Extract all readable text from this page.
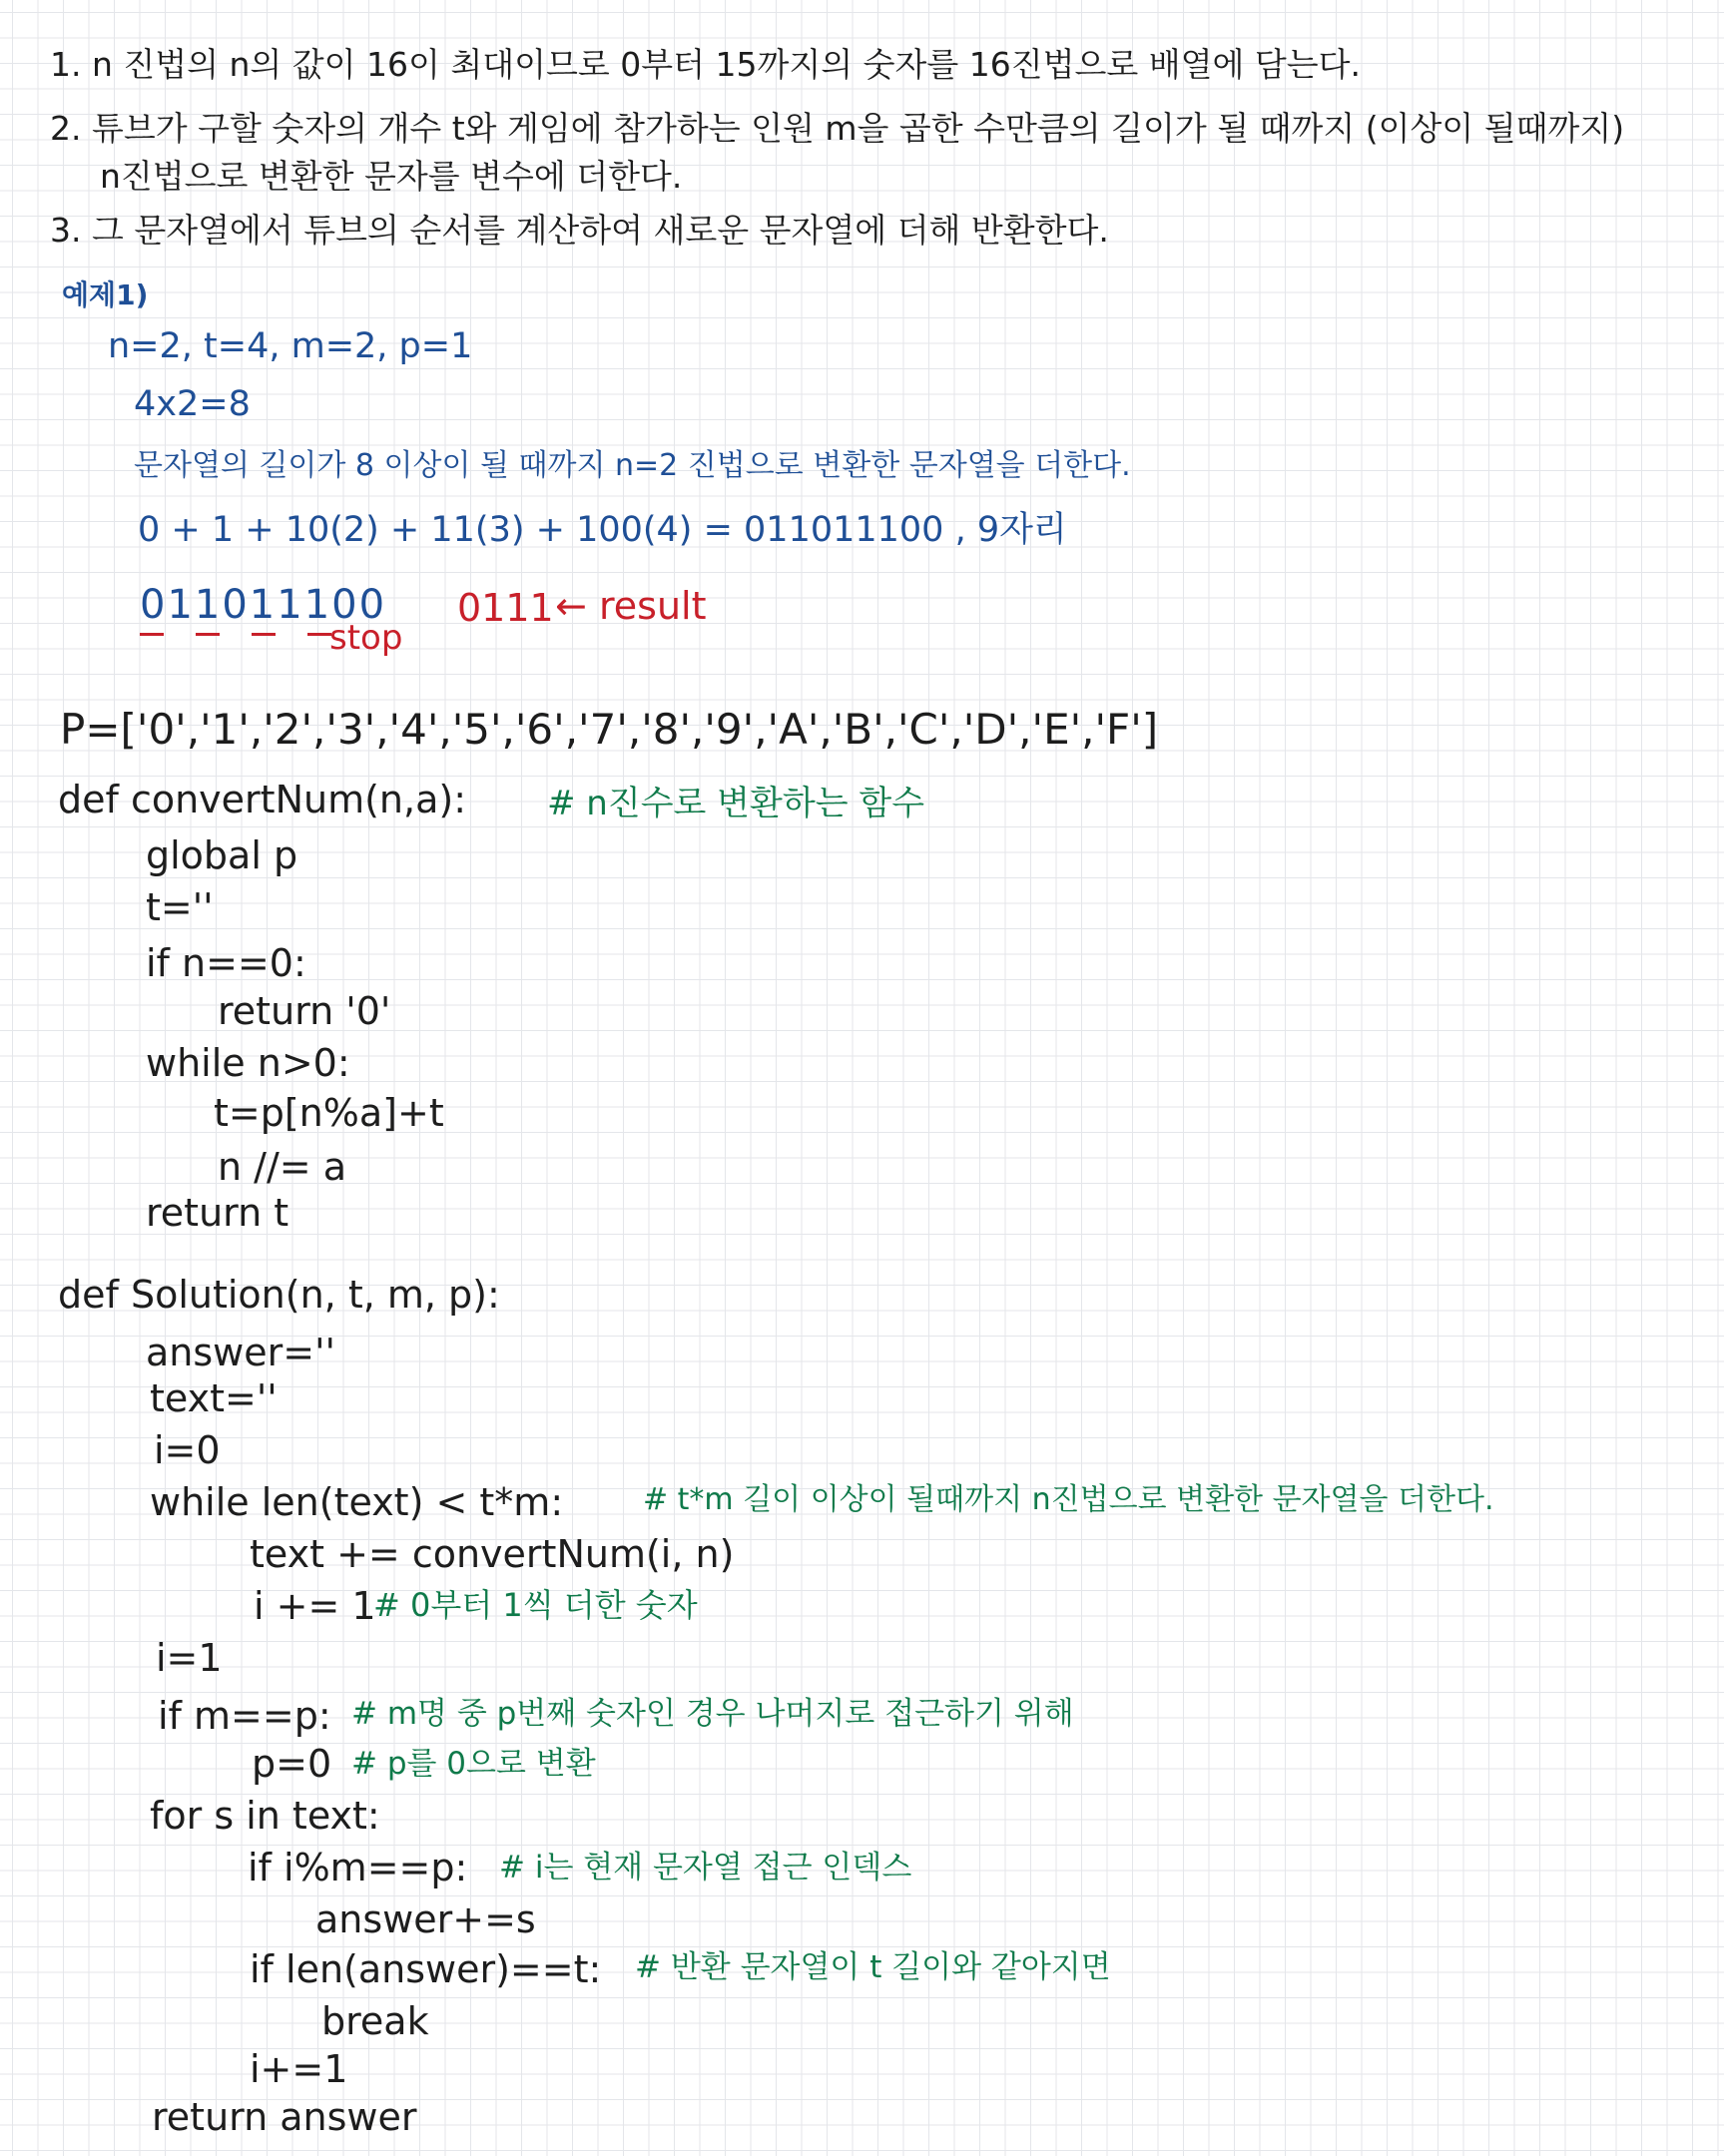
1. n 진법의 n의 값이 16이 최대이므로 0부터 15까지의 숫자를 16진법으로 배열에 담는다.
2. 튜브가 구할 숫자의 개수 t와 게임에 참가하는 인원 m을 곱한 수만큼의 길이가 될 때까지 (이상이 될때까지)
n진법으로 변환한 문자를 변수에 더한다.
3. 그 문자열에서 튜브의 순서를 계산하여 새로운 문자열에 더해 반환한다.
예제1)
n=2, t=4, m=2, p=1
4x2=8
문자열의 길이가 8 이상이 될 때까지 n=2 진법으로 변환한 문자열을 더한다.
0 + 1 + 10(2) + 11(3) + 100(4) = 011011100 , 9자리
011011100
stop
0111 ← result
P=['0','1','2','3','4','5','6','7','8','9','A','B','C','D','E','F']
def convertNum(n,a): # n진수로 변환하는 함수
global p
t=''
if n==0:
return '0'
while n>0:
t=p[n%a]+t
n //= a
return t
def Solution(n, t, m, p):
answer=''
text=''
i=0
while len(text) < t*m:	# t*m 길이 이상이 될때까지 n진법으로 변환한 문자열을 더한다.
text += convertNum(i, n)
i += 1
# 0부터 1씩 더한 숫자
i=1
if m==p: # m명 중 p번째 숫자인 경우 나머지로 접근하기 위해
p=0 # p를 0으로 변환
for s in text:
if i%m==p: # i는 현재 문자열 접근 인덱스
answer+=s
if len(answer)==t: # 반환 문자열이 t 길이와 같아지면
break
i+=1
return answer
